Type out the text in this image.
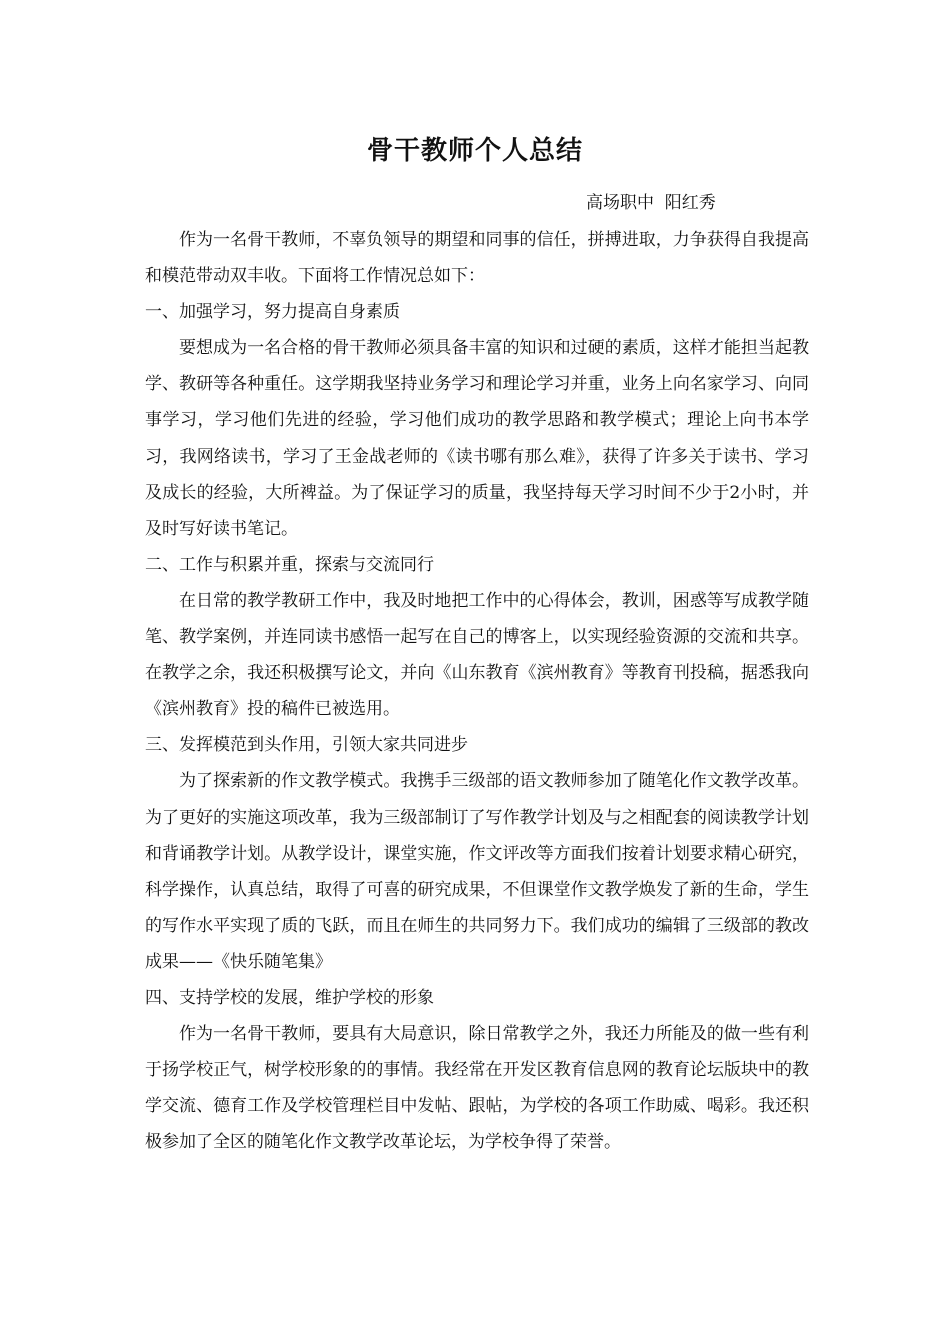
骨干教师个人总结
高场职中  阳红秀

作为一名骨干教师，不辜负领导的期望和同事的信任，拼搏进取，力争获得自我提高和模范带动双丰收。下面将工作情况总如下：

一、加强学习，努力提高自身素质

要想成为一名合格的骨干教师必须具备丰富的知识和过硬的素质，这样才能担当起教学、教研等各种重任。这学期我坚持业务学习和理论学习并重，业务上向名家学习、向同事学习，学习他们先进的经验，学习他们成功的教学思路和教学模式；理论上向书本学习，我网络读书，学习了王金战老师的《读书哪有那么难》，获得了许多关于读书、学习及成长的经验，大所裨益。为了保证学习的质量，我坚持每天学习时间不少于2小时，并及时写好读书笔记。

二、工作与积累并重，探索与交流同行

在日常的教学教研工作中，我及时地把工作中的心得体会，教训，困惑等写成教学随笔、教学案例，并连同读书感悟一起写在自己的博客上，以实现经验资源的交流和共享。在教学之余，我还积极撰写论文，并向《山东教育《滨州教育》等教育刊投稿，据悉我向《滨州教育》投的稿件已被选用。

三、发挥模范到头作用，引领大家共同进步

为了探索新的作文教学模式。我携手三级部的语文教师参加了随笔化作文教学改革。为了更好的实施这项改革，我为三级部制订了写作教学计划及与之相配套的阅读教学计划和背诵教学计划。从教学设计，课堂实施，作文评改等方面我们按着计划要求精心研究，科学操作，认真总结，取得了可喜的研究成果，不但课堂作文教学焕发了新的生命，学生的写作水平实现了质的飞跃，而且在师生的共同努力下。我们成功的编辑了三级部的教改成果——《快乐随笔集》

四、支持学校的发展，维护学校的形象

作为一名骨干教师，要具有大局意识，除日常教学之外，我还力所能及的做一些有利于扬学校正气，树学校形象的的事情。我经常在开发区教育信息网的教育论坛版块中的教学交流、德育工作及学校管理栏目中发帖、跟帖，为学校的各项工作助威、喝彩。我还积极参加了全区的随笔化作文教学改革论坛，为学校争得了荣誉。
